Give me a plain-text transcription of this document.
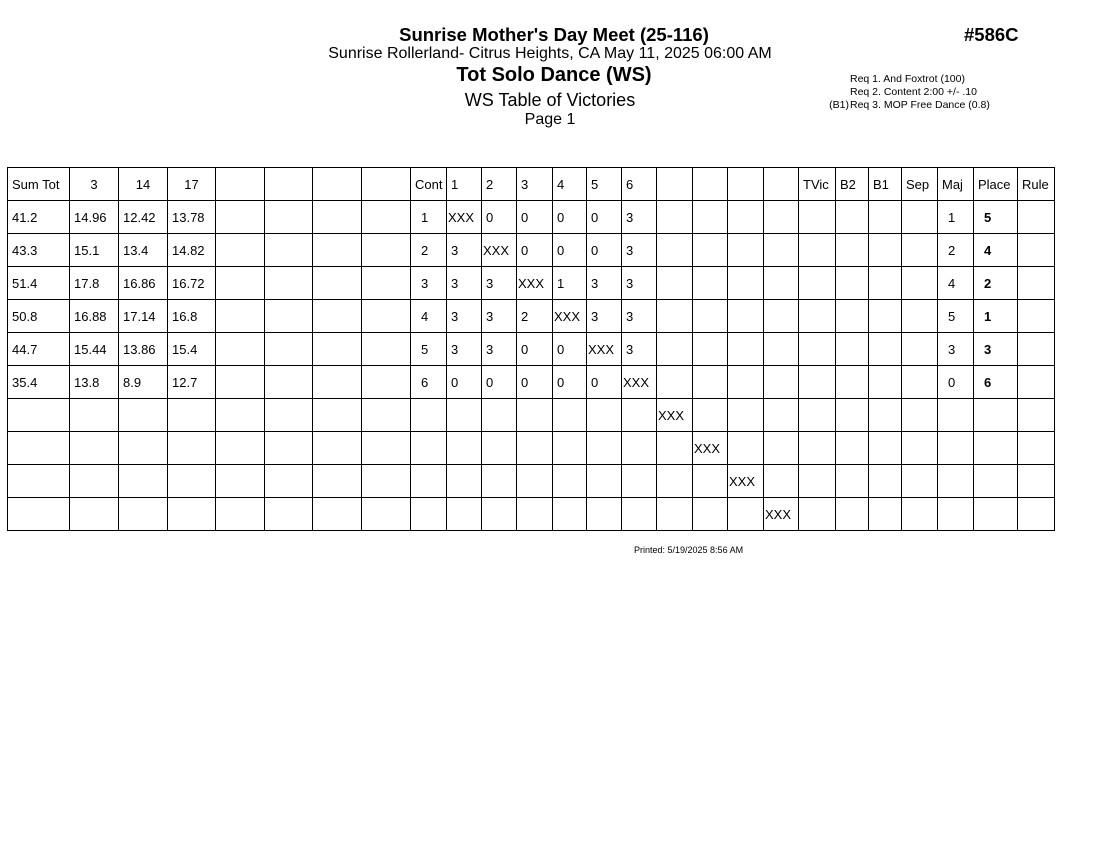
Sunrise Mother's Day Meet (25-116)
Sunrise Rollerland- Citrus Heights, CA May 11, 2025 06:00 AM
Tot Solo Dance (WS)
WS Table of Victories
Page 1
#586C
Req 1. And Foxtrot (100)
Req 2. Content 2:00 +/- .10
(B1) Req 3. MOP Free Dance (0.8)
Sum Tot	3	14	17					Cont	1	2	3	4	5	6					TVic	B2	B1	Sep	Maj	Place	Rule
41.2	14.96	12.42	13.78					1	XXX	0	0	0	0	3									1	5	
43.3	15.1	13.4	14.82					2	3	XXX	0	0	0	3									2	4	
51.4	17.8	16.86	16.72					3	3	3	XXX	1	3	3									4	2	
50.8	16.88	17.14	16.8					4	3	3	2	XXX	3	3									5	1	
44.7	15.44	13.86	15.4					5	3	3	0	0	XXX	3									3	3	
35.4	13.8	8.9	12.7					6	0	0	0	0	0	XXX									0	6	
															XXX										
																XXX									
																	XXX								
																		XXX							
Printed: 5/19/2025 8:56 AM
